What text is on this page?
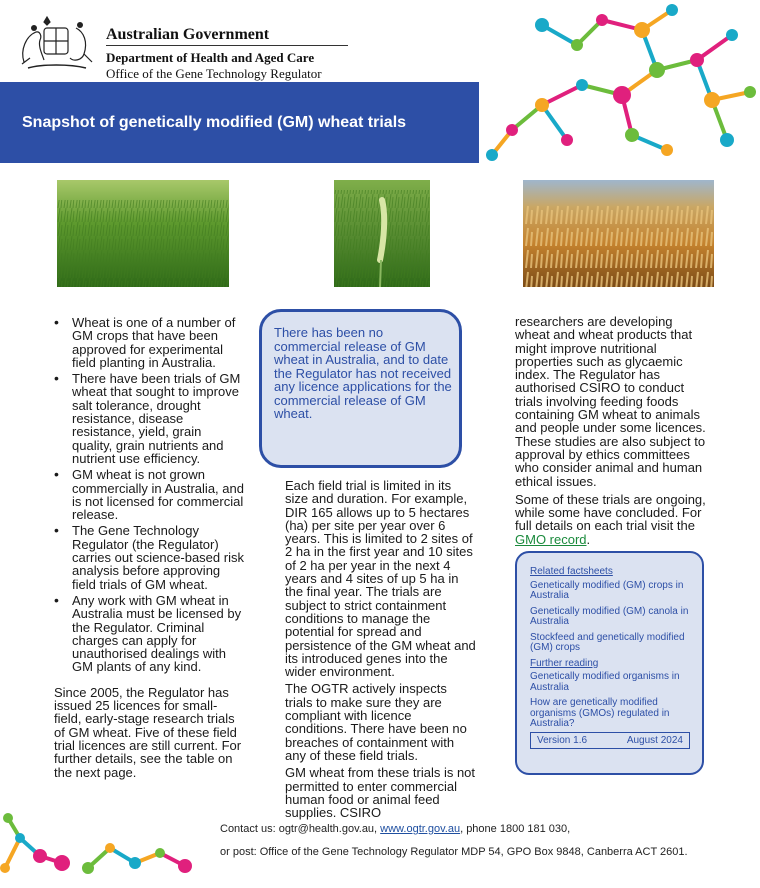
Australian Government
Department of Health and Aged Care
Office of the Gene Technology Regulator
Snapshot of genetically modified (GM) wheat trials
• Wheat is one of a number of GM crops that have been approved for experimental field planting in Australia.
• There have been trials of GM wheat that sought to improve salt tolerance, drought resistance, disease resistance, yield, grain quality, grain nutrients and nutrient use efficiency.
• GM wheat is not grown commercially in Australia, and is not licensed for commercial release.
• The Gene Technology Regulator (the Regulator) carries out science-based risk analysis before approving field trials of GM wheat.
• Any work with GM wheat in Australia must be licensed by the Regulator. Criminal charges can apply for unauthorised dealings with GM plants of any kind.

Since 2005, the Regulator has issued 25 licences for small-field, early-stage research trials of GM wheat. Five of these field trial licences are still current. For further details, see the table on the next page.

There has been no commercial release of GM wheat in Australia, and to date the Regulator has not received any licence applications for the commercial release of GM wheat.

Each field trial is limited in its size and duration. For example, DIR 165 allows up to 5 hectares (ha) per site per year over 6 years. This is limited to 2 sites of 2 ha in the first year and 10 sites of 2 ha per year in the next 4 years and 4 sites of up 5 ha in the final year. The trials are subject to strict containment conditions to manage the potential for spread and persistence of the GM wheat and its introduced genes into the wider environment.

The OGTR actively inspects trials to make sure they are compliant with licence conditions. There have been no breaches of containment with any of these field trials.

GM wheat from these trials is not permitted to enter commercial human food or animal feed supplies. CSIRO

researchers are developing wheat and wheat products that might improve nutritional properties such as glycaemic index. The Regulator has authorised CSIRO to conduct trials involving feeding foods containing GM wheat to animals and people under some licences. These studies are also subject to approval by ethics committees who consider animal and human ethical issues.

Some of these trials are ongoing, while some have concluded. For full details on each trial visit the GMO record.

Related factsheets

Genetically modified (GM) crops in Australia

Genetically modified (GM) canola in Australia

Stockfeed and genetically modified (GM) crops

Further reading

Genetically modified organisms in Australia

How are genetically modified organisms (GMOs) regulated in Australia?

Version 1.6	August 2024
Contact us: ogtr@health.gov.au, www.ogtr.gov.au, phone 1800 181 030,
or post: Office of the Gene Technology Regulator MDP 54, GPO Box 9848, Canberra ACT 2601.
